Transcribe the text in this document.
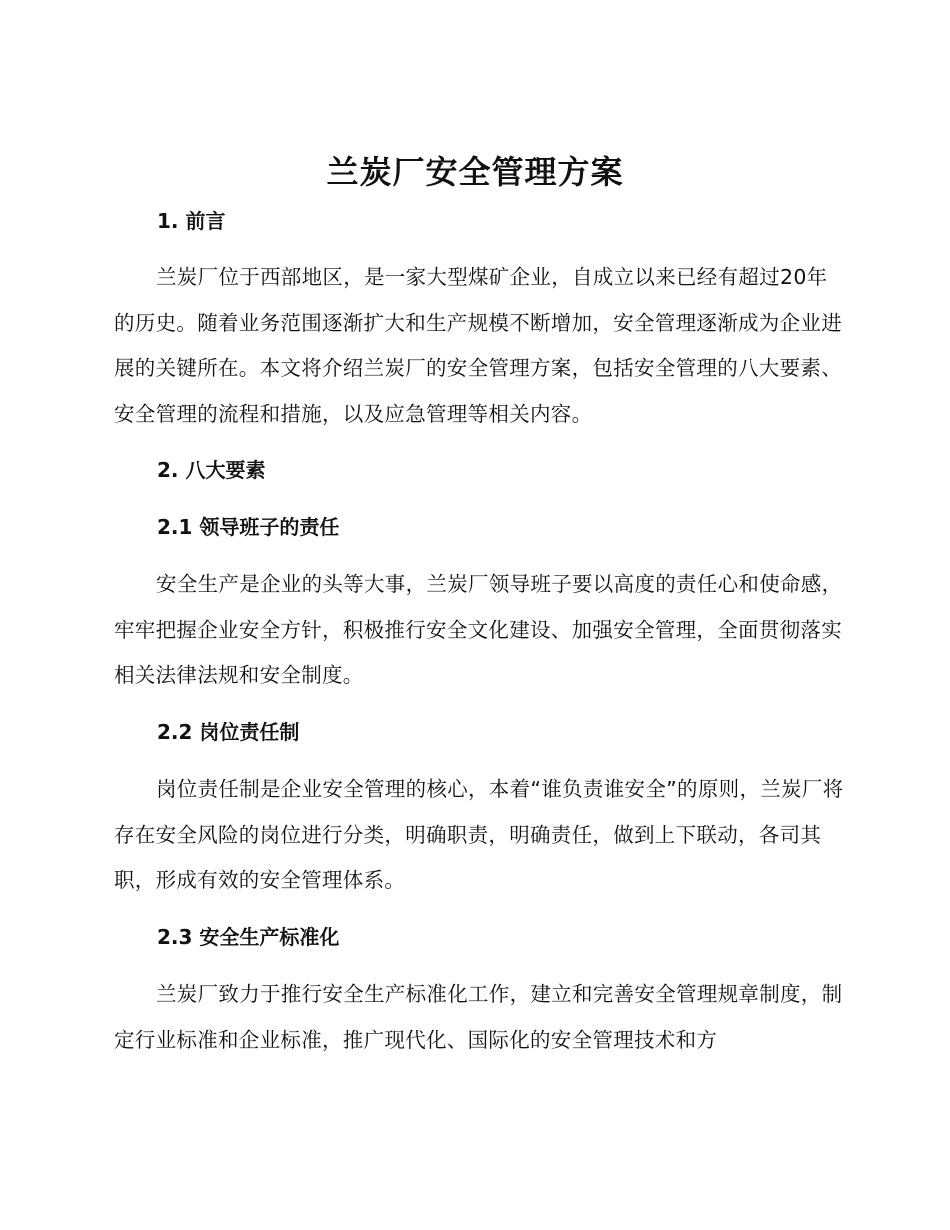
兰炭厂安全管理方案
1. 前言
兰炭厂位于西部地区，是一家大型煤矿企业，自成立以来已经有超过20年的历史。随着业务范围逐渐扩大和生产规模不断增加，安全管理逐渐成为企业进展的关键所在。本文将介绍兰炭厂的安全管理方案，包括安全管理的八大要素、安全管理的流程和措施，以及应急管理等相关内容。
2. 八大要素
2.1 领导班子的责任
安全生产是企业的头等大事，兰炭厂领导班子要以高度的责任心和使命感，牢牢把握企业安全方针，积极推行安全文化建设、加强安全管理，全面贯彻落实相关法律法规和安全制度。
2.2 岗位责任制
岗位责任制是企业安全管理的核心，本着“谁负责谁安全”的原则，兰炭厂将存在安全风险的岗位进行分类，明确职责，明确责任，做到上下联动，各司其职，形成有效的安全管理体系。
2.3 安全生产标准化
兰炭厂致力于推行安全生产标准化工作，建立和完善安全管理规章制度，制定行业标准和企业标准，推广现代化、国际化的安全管理技术和方
